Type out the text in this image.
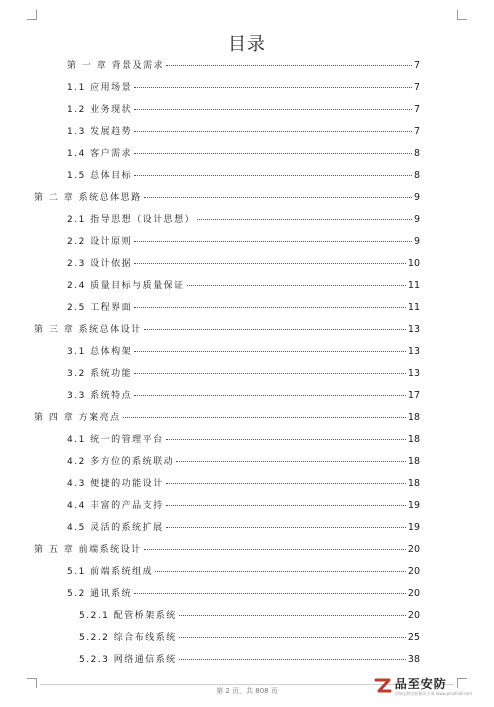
目录
第 一 章 背景及需求	7
1.1 应用场景	7
1.2 业务现状	7
1.3 发展趋势	7
1.4 客户需求	8
1.5 总体目标	8
第 二 章 系统总体思路	9
2.1 指导思想（设计思想）	9
2.2 设计原则	9
2.3 设计依据	10
2.4 质量目标与质量保证	11
2.5 工程界面	11
第 三 章 系统总体设计	13
3.1 总体构架	13
3.2 系统功能	13
3.3 系统特点	17
第 四 章 方案亮点	18
4.1 统一的管理平台	18
4.2 多方位的系统联动	18
4.3 便捷的功能设计	18
4.4 丰富的产品支持	19
4.5 灵活的系统扩展	19
第 五 章 前端系统设计	20
5.1 前端系统组成	20
5.2 通讯系统	20
5.2.1 配管桥架系统	20
5.2.2 综合布线系统	25
5.2.3 网络通信系统	38
第 2 页，共 808 页
品至安防
前端品牌安防解决方案 www.pinzhiaf.com
